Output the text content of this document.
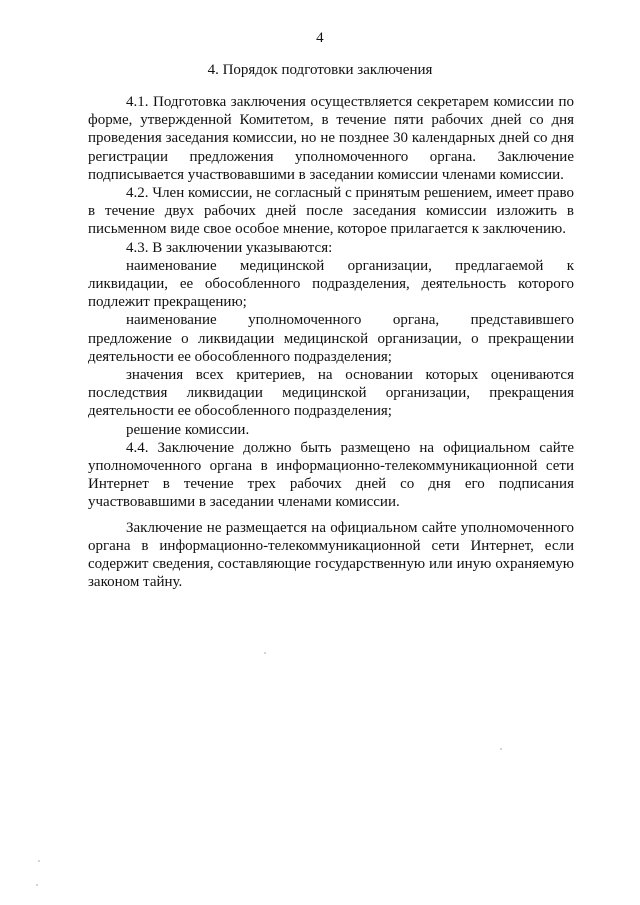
4
4. Порядок подготовки заключения

4.1. Подготовка заключения осуществляется секретарем комиссии по форме, утвержденной Комитетом, в течение пяти рабочих дней со дня проведения заседания комиссии, но не позднее 30 календарных дней со дня регистрации предложения уполномоченного органа. Заключение подписывается участвовавшими в заседании комиссии членами комиссии.

4.2. Член комиссии, не согласный с принятым решением, имеет право в течение двух рабочих дней после заседания комиссии изложить в письменном виде свое особое мнение, которое прилагается к заключению.

4.3. В заключении указываются:

наименование медицинской организации, предлагаемой к ликвидации, ее обособленного подразделения, деятельность которого подлежит прекращению;

наименование уполномоченного органа, представившего предложение о ликвидации медицинской организации, о прекращении деятельности ее обособленного подразделения;

значения всех критериев, на основании которых оцениваются последствия ликвидации медицинской организации, прекращения деятельности ее обособленного подразделения;

решение комиссии.

4.4. Заключение должно быть размещено на официальном сайте уполномоченного органа в информационно-телекоммуникационной сети Интернет в течение трех рабочих дней со дня его подписания участвовавшими в заседании членами комиссии.

Заключение не размещается на официальном сайте уполномоченного органа в информационно-телекоммуникационной сети Интернет, если содержит сведения, составляющие государственную или иную охраняемую законом тайну.
